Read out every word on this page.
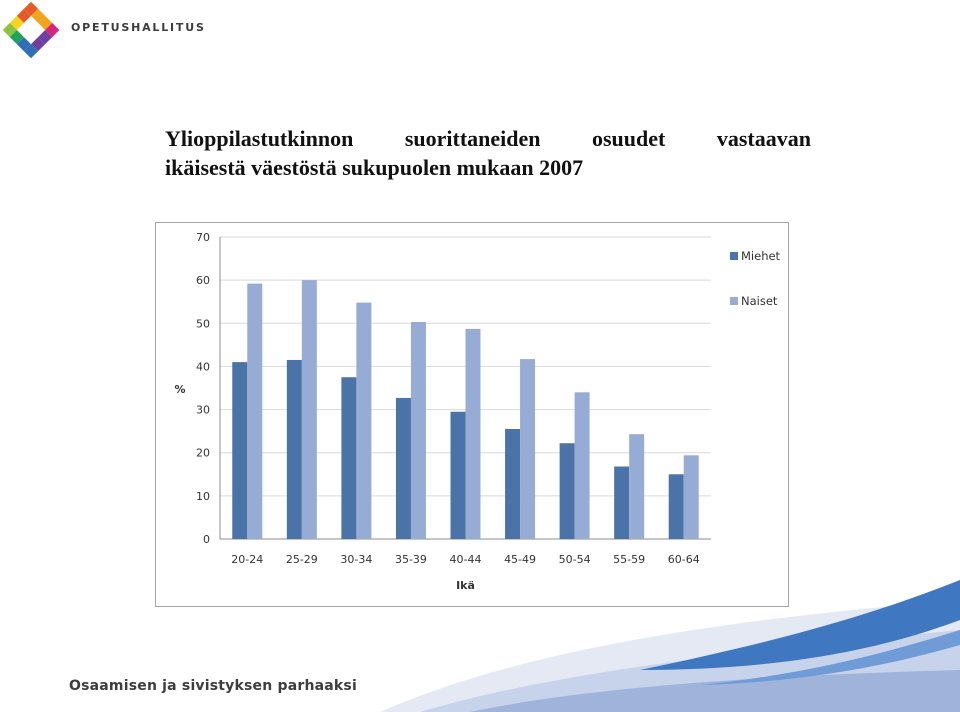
OPETUSHALLITUS
Ylioppilastutkinnon suorittaneiden osuudet vastaavan
ikäisestä väestöstä sukupuolen mukaan 2007
0
10
20
30
40
50
60
70
20-24 25-29 30-34 35-39 40-44 45-49 50-54 55-59 60-64
Ikä
%
Miehet
Naiset
Osaamisen ja sivistyksen parhaaksi
